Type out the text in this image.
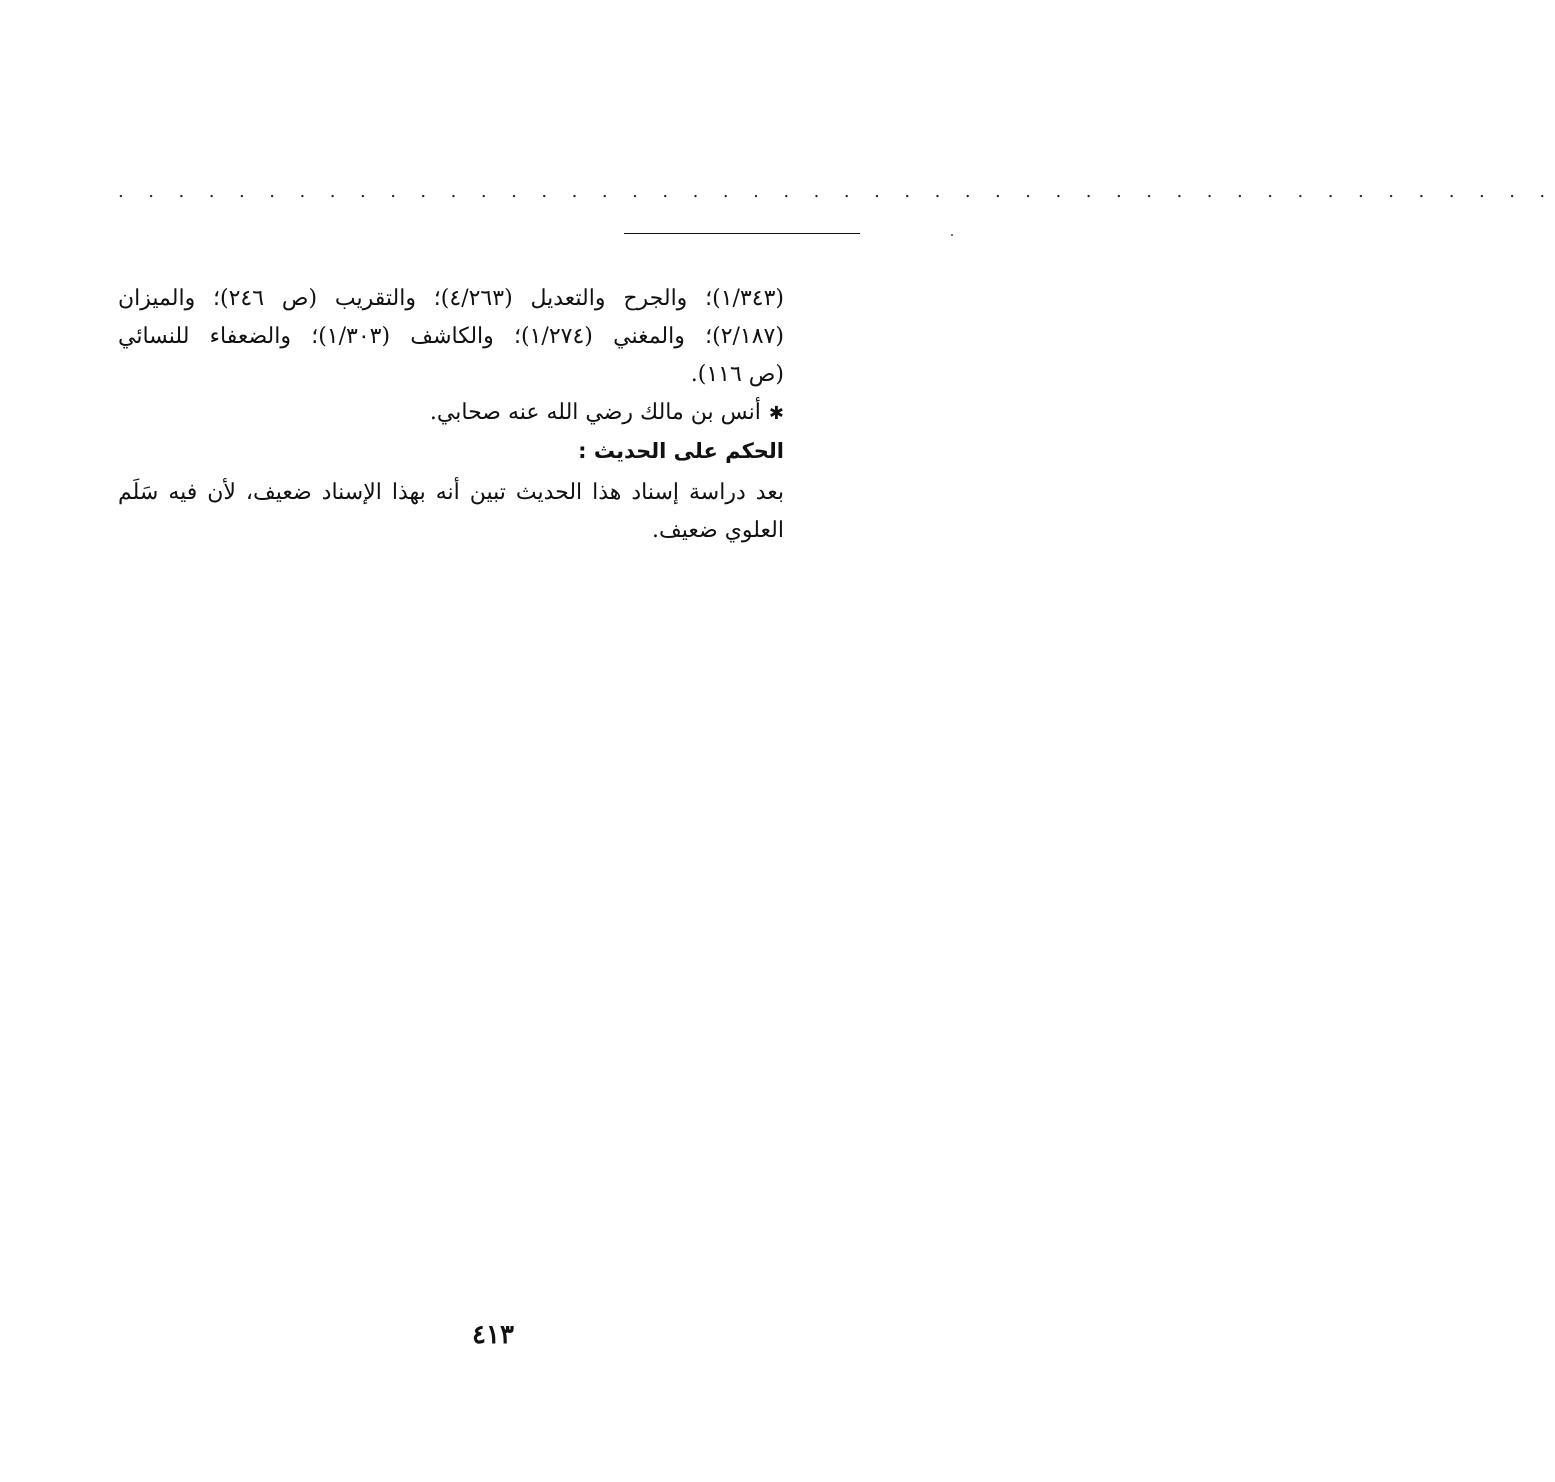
. . . . . . . . . . . . . . . . . . . . . . . . . . . . . . . . . . . . . . . . . . . . . . . .
(١/٣٤٣)؛ والجرح والتعديل (٤/٢٦٣)؛ والتقريب (ص ٢٤٦)؛ والميزان
(٢/١٨٧)؛ والمغني (١/٢٧٤)؛ والكاشف (١/٣٠٣)؛ والضعفاء للنسائي
(ص ١١٦).
✱أنس بن مالك رضي الله عنه صحابي.
الحكم على الحديث :
بعد دراسة إسناد هذا الحديث تبين أنه بهذا الإسناد ضعيف، لأن فيه سَلَم
العلوي ضعيف.
٤١٣
